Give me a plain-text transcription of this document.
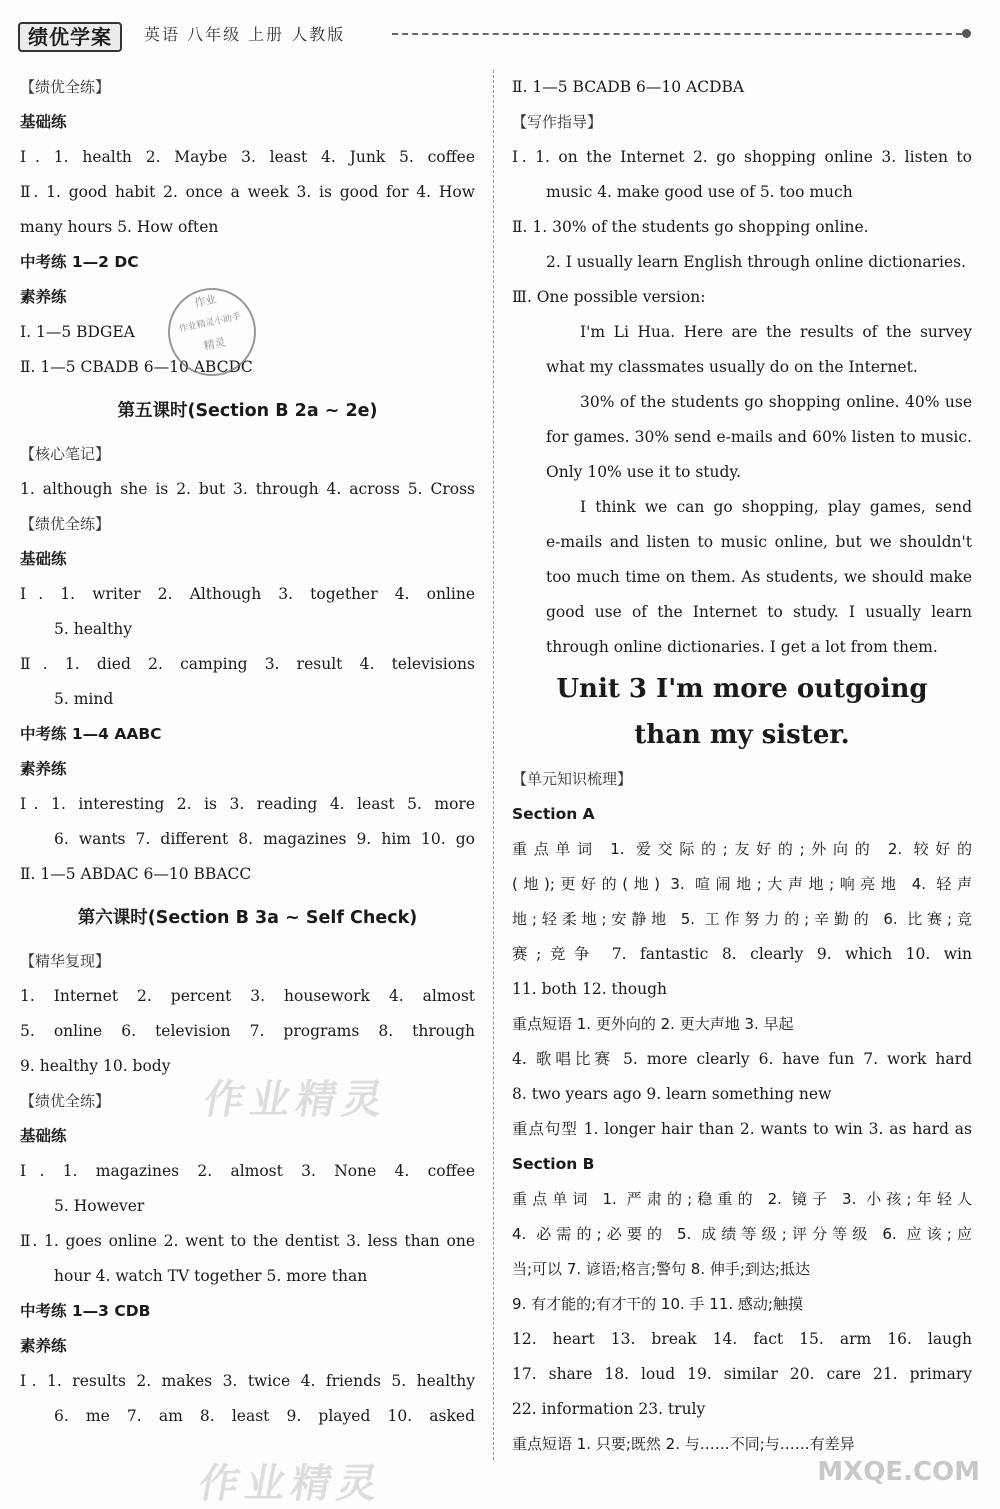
绩优学案	英语 八年级 上册 人教版
【绩优全练】
基础练
Ⅰ. 1. health 2. Maybe 3. least 4. Junk 5. coffee
Ⅱ. 1. good habit 2. once a week 3. is good for 4. How
many hours 5. How often
中考练 1—2 DC
素养练
Ⅰ. 1—5 BDGEA
Ⅱ. 1—5 CBADB 6—10 ABCDC
第五课时(Section B 2a ~ 2e)
【核心笔记】
1. although she is 2. but 3. through 4. across 5. Cross
【绩优全练】
基础练
Ⅰ. 1. writer 2. Although 3. together 4. online
5. healthy
Ⅱ. 1. died 2. camping 3. result 4. televisions
5. mind
中考练 1—4 AABC
素养练
Ⅰ. 1. interesting 2. is 3. reading 4. least 5. more
6. wants 7. different 8. magazines 9. him 10. go
Ⅱ. 1—5 ABDAC 6—10 BBACC
第六课时(Section B 3a ~ Self Check)
【精华复现】
1. Internet 2. percent 3. housework 4. almost
5. online 6. television 7. programs 8. through
9. healthy 10. body
【绩优全练】
基础练
Ⅰ. 1. magazines 2. almost 3. None 4. coffee
5. However
Ⅱ. 1. goes online 2. went to the dentist 3. less than one
hour 4. watch TV together 5. more than
中考练 1—3 CDB
素养练
Ⅰ. 1. results 2. makes 3. twice 4. friends 5. healthy
6. me 7. am 8. least 9. played 10. asked
Ⅱ. 1—5 BCADB 6—10 ACDBA
【写作指导】
Ⅰ. 1. on the Internet 2. go shopping online 3. listen to
music 4. make good use of 5. too much
Ⅱ. 1. 30% of the students go shopping online.
2. I usually learn English through online dictionaries.
Ⅲ. One possible version:
I'm Li Hua. Here are the results of the survey
what my classmates usually do on the Internet.
30% of the students go shopping online. 40% use
for games. 30% send e-mails and 60% listen to music.
Only 10% use it to study.
I think we can go shopping, play games, send
e-mails and listen to music online, but we shouldn't
too much time on them. As students, we should make
good use of the Internet to study. I usually learn
through online dictionaries. I get a lot from them.
Unit 3 I'm more outgoing
than my sister.
【单元知识梳理】
Section A
重点单词 1. 爱交际的;友好的;外向的 2. 较好的
(地);更好的(地) 3. 喧闹地;大声地;响亮地 4. 轻声
地;轻柔地;安静地 5. 工作努力的;辛勤的 6. 比赛;竞
赛;竞争 7. fantastic 8. clearly 9. which 10. win
11. both 12. though
重点短语 1. 更外向的 2. 更大声地 3. 早起
4. 歌唱比赛 5. more clearly 6. have fun 7. work hard
8. two years ago 9. learn something new
重点句型 1. longer hair than 2. wants to win 3. as hard as
Section B
重点单词 1. 严肃的;稳重的 2. 镜子 3. 小孩;年轻人
4. 必需的;必要的 5. 成绩等级;评分等级 6. 应该;应
当;可以 7. 谚语;格言;警句 8. 伸手;到达;抵达
9. 有才能的;有才干的 10. 手 11. 感动;触摸
12. heart 13. break 14. fact 15. arm 16. laugh
17. share 18. loud 19. similar 20. care 21. primary
22. information 23. truly
重点短语 1. 只要;既然 2. 与……不同;与……有差异
作业
作业精灵小助手
精灵
作业精灵
作业精灵	MXQE.COM
